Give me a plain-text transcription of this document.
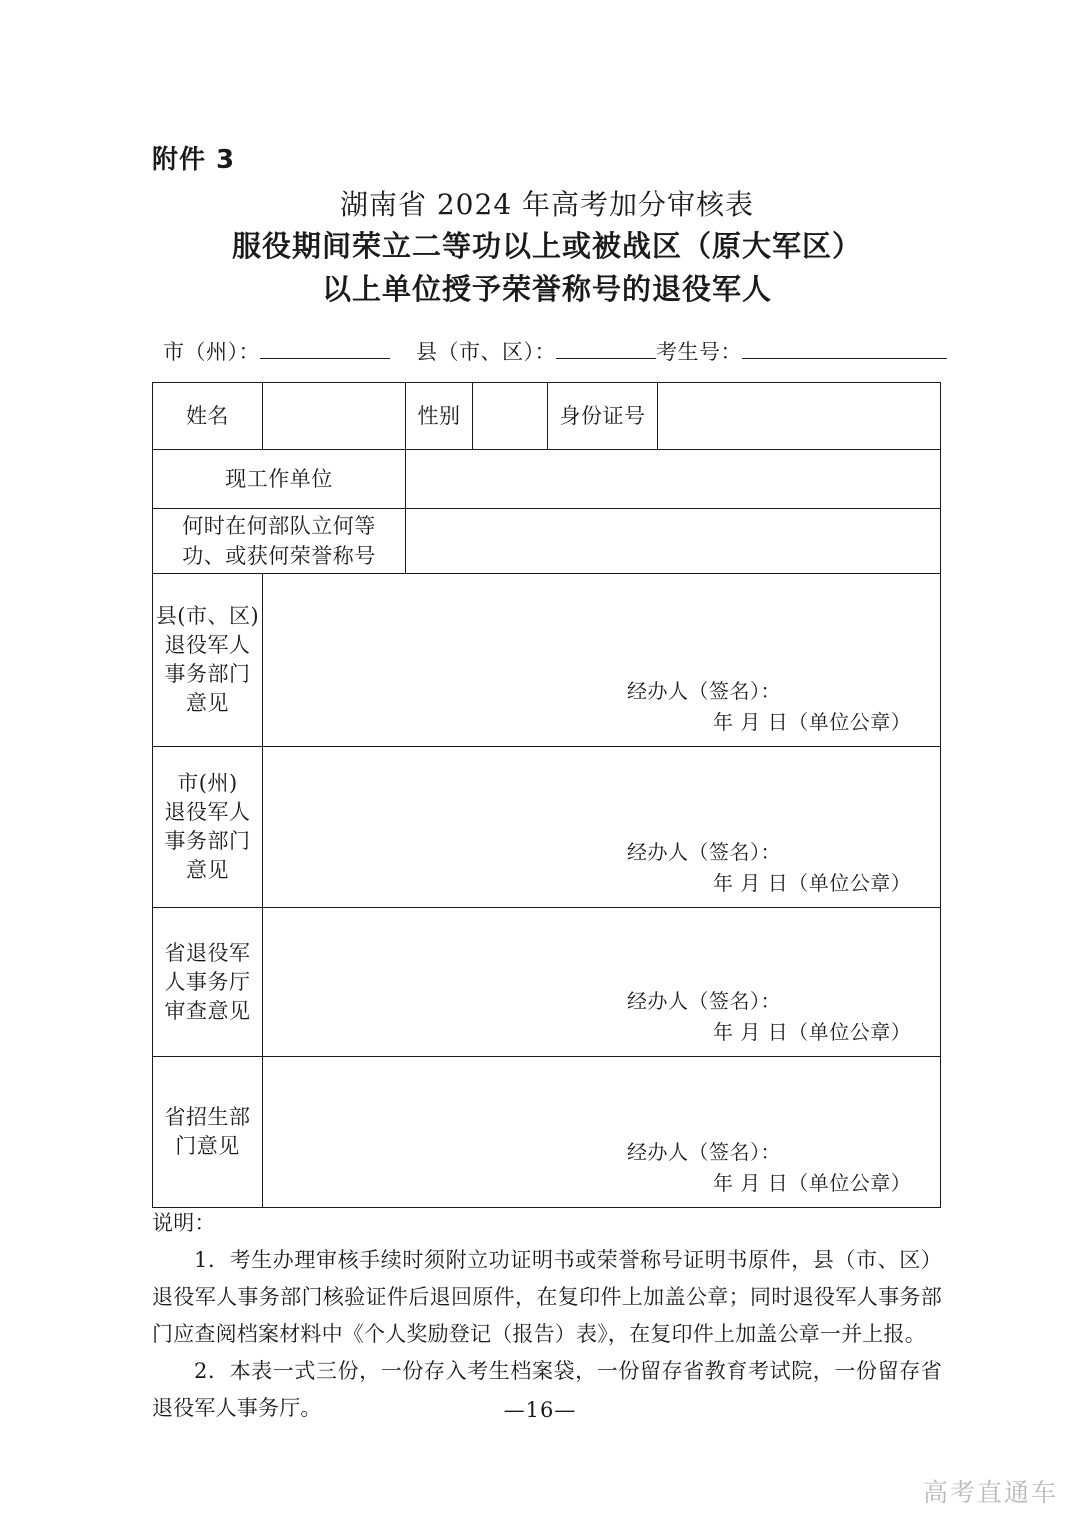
附件 3
湖南省 2024 年高考加分审核表
服役期间荣立二等功以上或被战区（原大军区）
以上单位授予荣誉称号的退役军人
市（州）：	县（市、区）：	考生号：
姓名		性别		身份证号	
现工作单位					

何时在何部队立何等
功、或获何荣誉称号					

县(市、区)
退役军人
事务部门
意见	经办人（签名）：
年 月 日（单位公章）

市(州)
退役军人
事务部门
意见

经办人（签名）：
年 月 日（单位公章）

省退役军
人事务厅
审查意见	经办人（签名）：
年 月 日（单位公章）

省招生部
门意见	经办人（签名）：
年 月 日（单位公章）
说明：
1．考生办理审核手续时须附立功证明书或荣誉称号证明书原件，县（市、区）退役军人事务部门核验证件后退回原件，在复印件上加盖公章；同时退役军人事务部门应查阅档案材料中《个人奖励登记（报告）表》，在复印件上加盖公章一并上报。
2．本表一式三份，一份存入考生档案袋，一份留存省教育考试院，一份留存省退役军人事务厅。	—16—
高考直通车
